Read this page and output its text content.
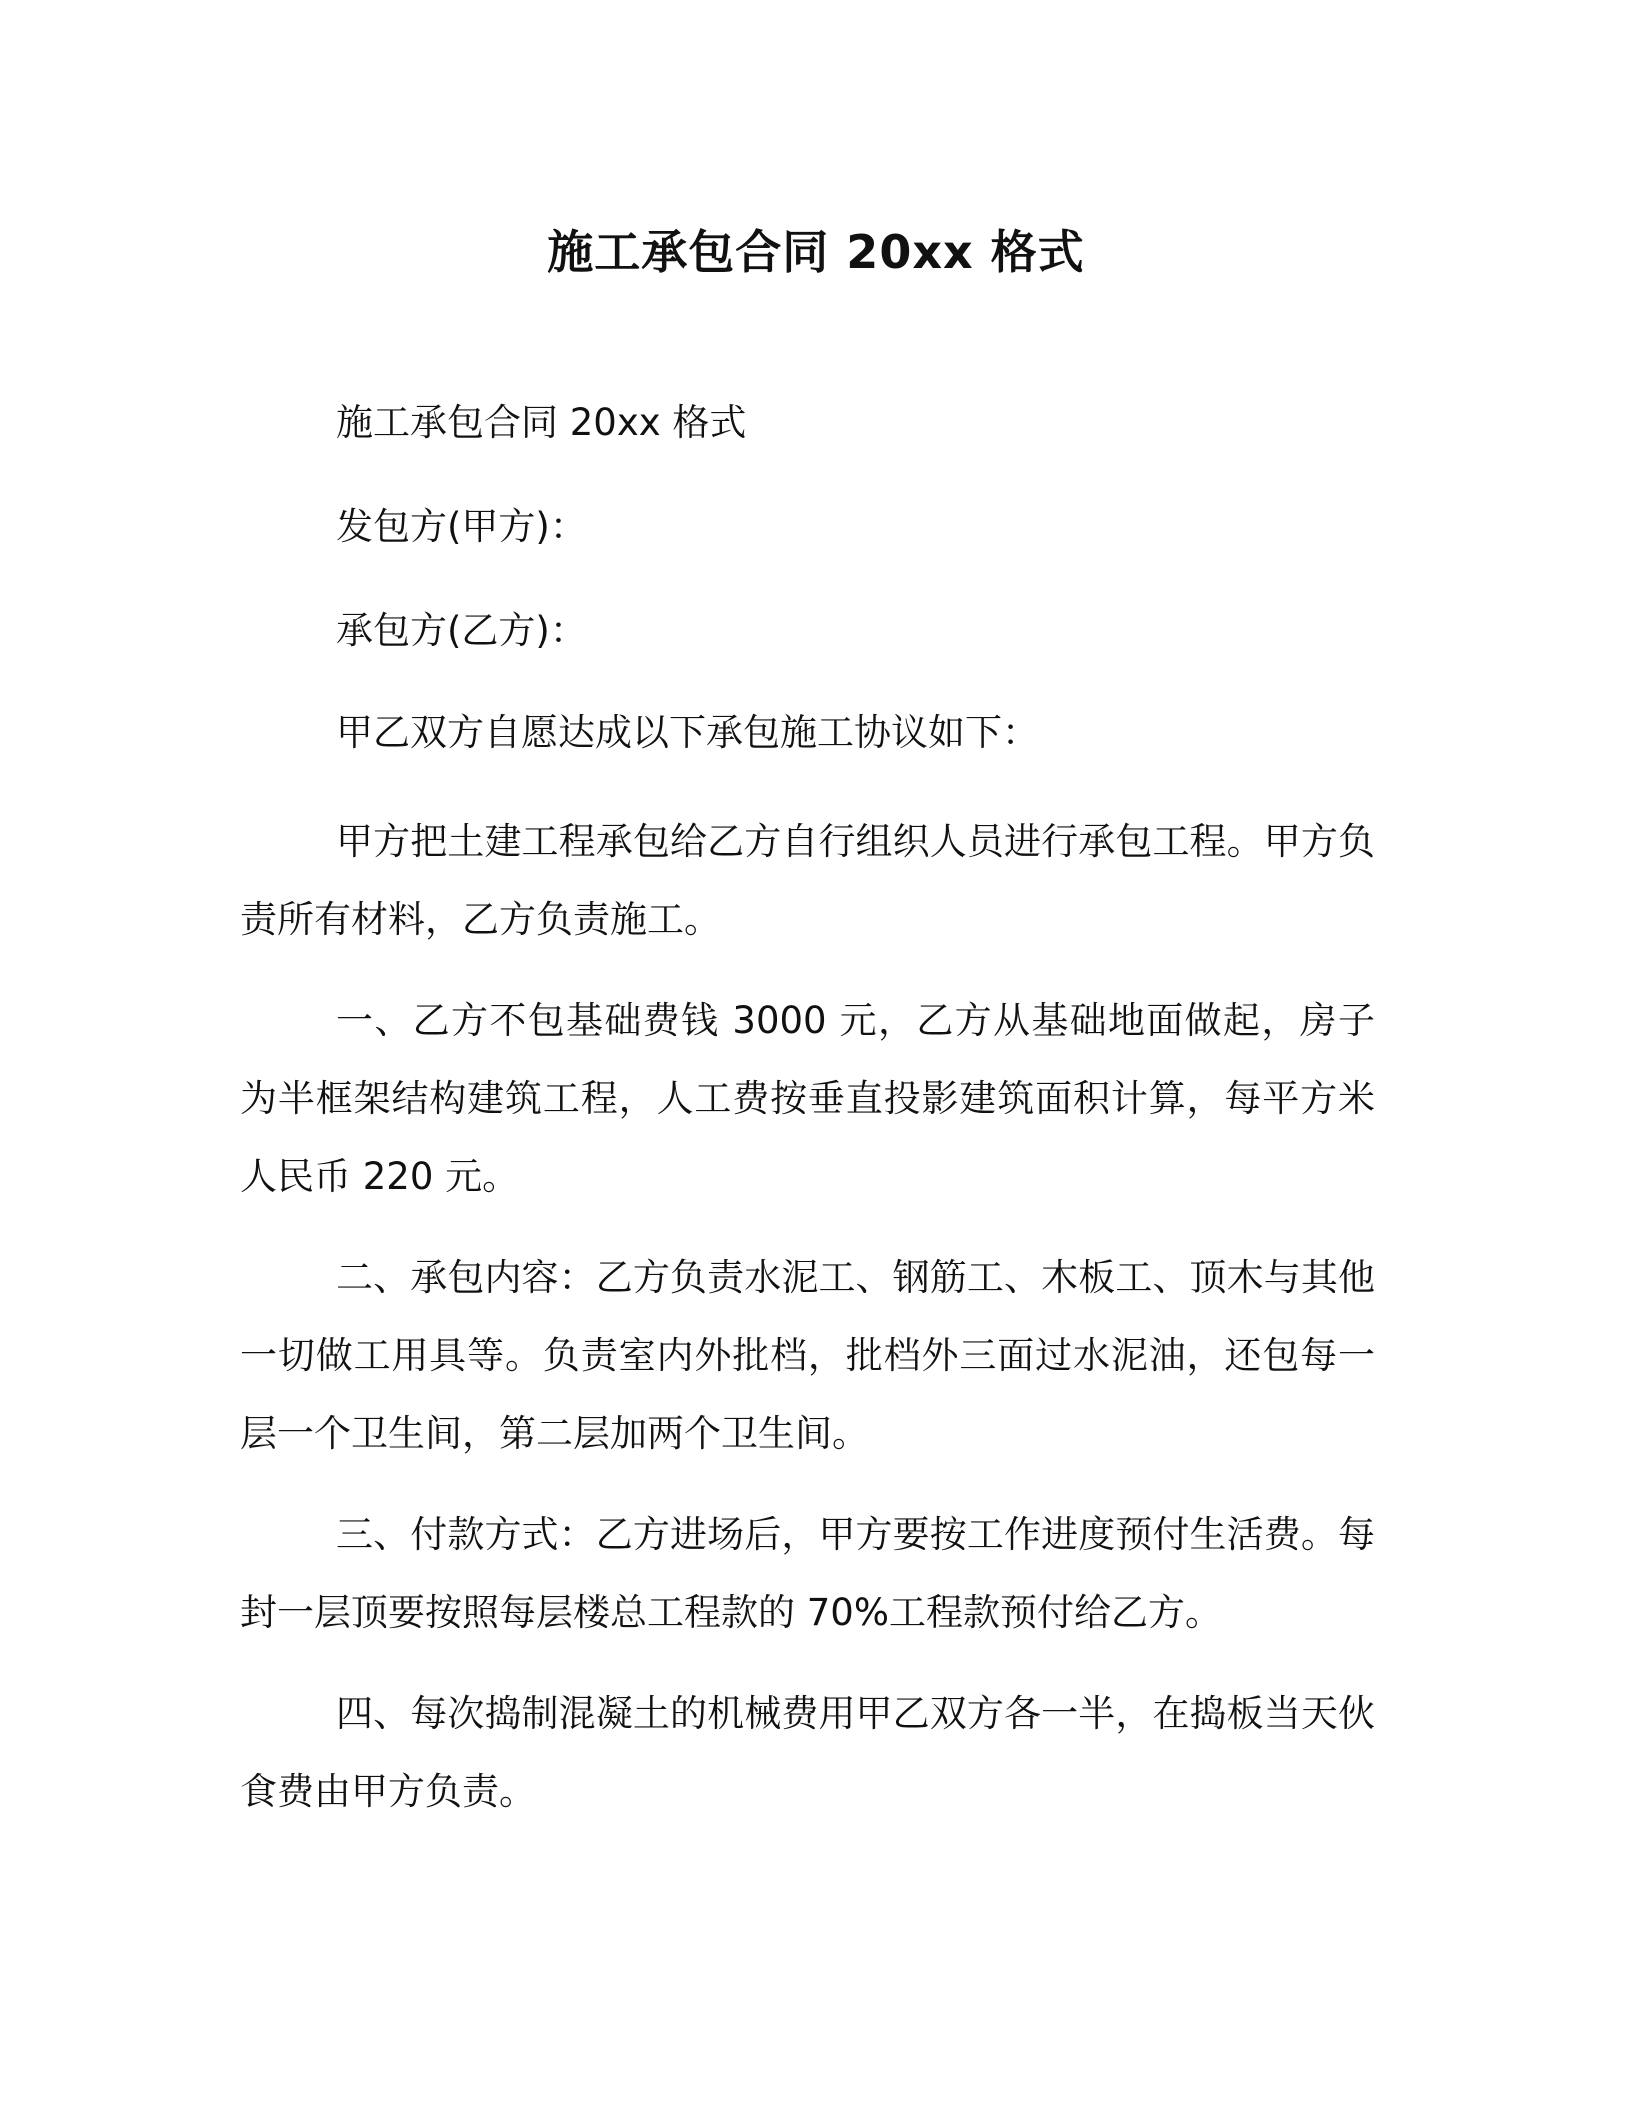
施工承包合同 20xx 格式

施工承包合同 20xx 格式

发包方(甲方)：

承包方(乙方)：

甲乙双方自愿达成以下承包施工协议如下：

甲方把土建工程承包给乙方自行组织人员进行承包工程。甲方负责所有材料，乙方负责施工。

一、乙方不包基础费钱 3000 元，乙方从基础地面做起，房子为半框架结构建筑工程，人工费按垂直投影建筑面积计算，每平方米人民币 220 元。

二、承包内容：乙方负责水泥工、钢筋工、木板工、顶木与其他一切做工用具等。负责室内外批档，批档外三面过水泥油，还包每一层一个卫生间，第二层加两个卫生间。

三、付款方式：乙方进场后，甲方要按工作进度预付生活费。每封一层顶要按照每层楼总工程款的 70%工程款预付给乙方。

四、每次捣制混凝土的机械费用甲乙双方各一半，在捣板当天伙食费由甲方负责。
